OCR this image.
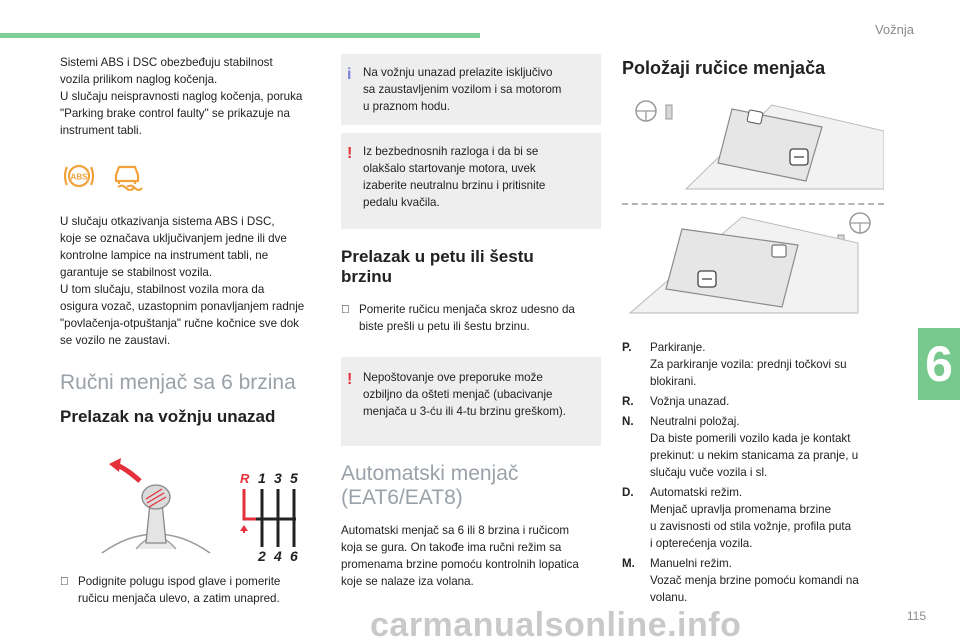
Vožnja
6
115

Sistemi ABS i DSC obezbeđuju stabilnost
vozila prilikom naglog kočenja.
U slučaju neispravnosti naglog kočenja, poruka
"Parking brake control faulty" se prikazuje na
instrument tabli.

ABS

U slučaju otkazivanja sistema ABS i DSC,
koje se označava uključivanjem jedne ili dve
kontrolne lampice na instrument tabli, ne
garantuje se stabilnost vozila.
U tom slučaju, stabilnost vozila mora da
osigura vozač, uzastopnim ponavljanjem radnje
"povlačenja-otpuštanja" ručne kočnice sve dok
se vozilo ne zaustavi.

Ručni menjač sa 6 brzina
Prelazak na vožnju unazad
R 1 3 5
2 4 6
Podignite polugu ispod glave i pomerite
ručicu menjača ulevo, a zatim unapred.
i Na vožnju unazad prelazite isključivo
sa zaustavljenim vozilom i sa motorom
u praznom hodu.
! Iz bezbednosnih razloga i da bi se
olakšalo startovanje motora, uvek
izaberite neutralnu brzinu i pritisnite
pedalu kvačila.
Prelazak u petu ili šestu
brzinu
Pomerite ručicu menjača skroz udesno da
biste prešli u petu ili šestu brzinu.
! Nepoštovanje ove preporuke može
ozbiljno da ošteti menjač (ubacivanje
menjača u 3-ću ili 4-tu brzinu greškom).
Automatski menjač
(EAT6/EAT8)

Automatski menjač sa 6 ili 8 brzina i ručicom
koja se gura. On takođe ima ručni režim sa
promenama brzine pomoću kontrolnih lopatica
koje se nalaze iza volana.

Položaji ručice menjača
P.	Parkiranje.
Za parkiranje vozila: prednji točkovi su
blokirani.
R.	Vožnja unazad.
N.	Neutralni položaj.
Da biste pomerili vozilo kada je kontakt
prekinut: u nekim stanicama za pranje, u
slučaju vuče vozila i sl.
D.	Automatski režim.
Menjač upravlja promenama brzine
u zavisnosti od stila vožnje, profila puta
i opterećenja vozila.
M.	Manuelni režim.
Vozač menja brzine pomoću komandi na
volanu.
carmanualsonline.info
